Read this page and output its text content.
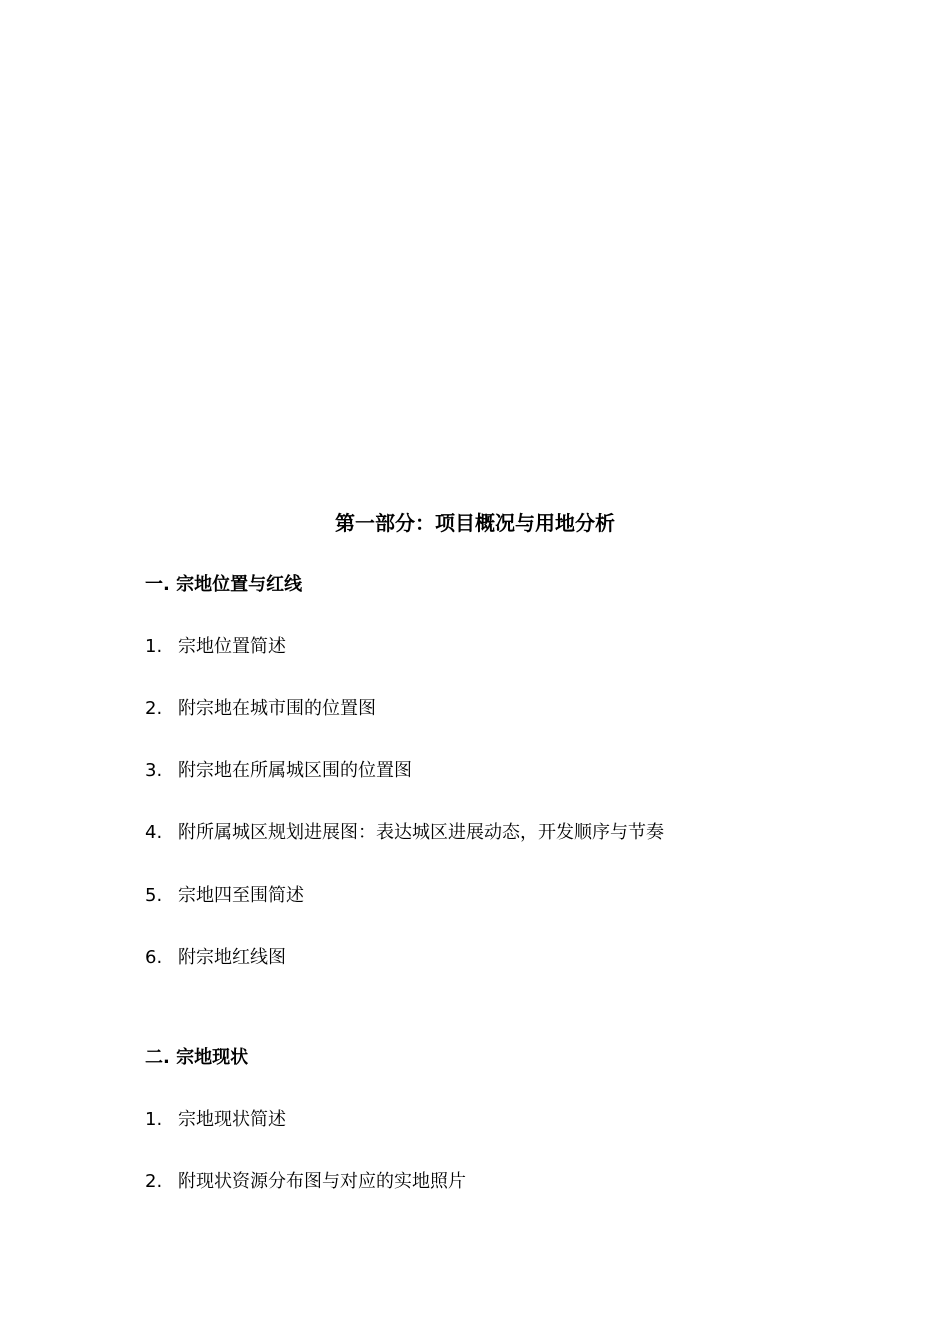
第一部分：项目概况与用地分析
一. 宗地位置与红线
1. 宗地位置简述
2. 附宗地在城市围的位置图
3. 附宗地在所属城区围的位置图
4. 附所属城区规划进展图：表达城区进展动态，开发顺序与节奏
5. 宗地四至围简述
6. 附宗地红线图
二. 宗地现状
1. 宗地现状简述
2. 附现状资源分布图与对应的实地照片
